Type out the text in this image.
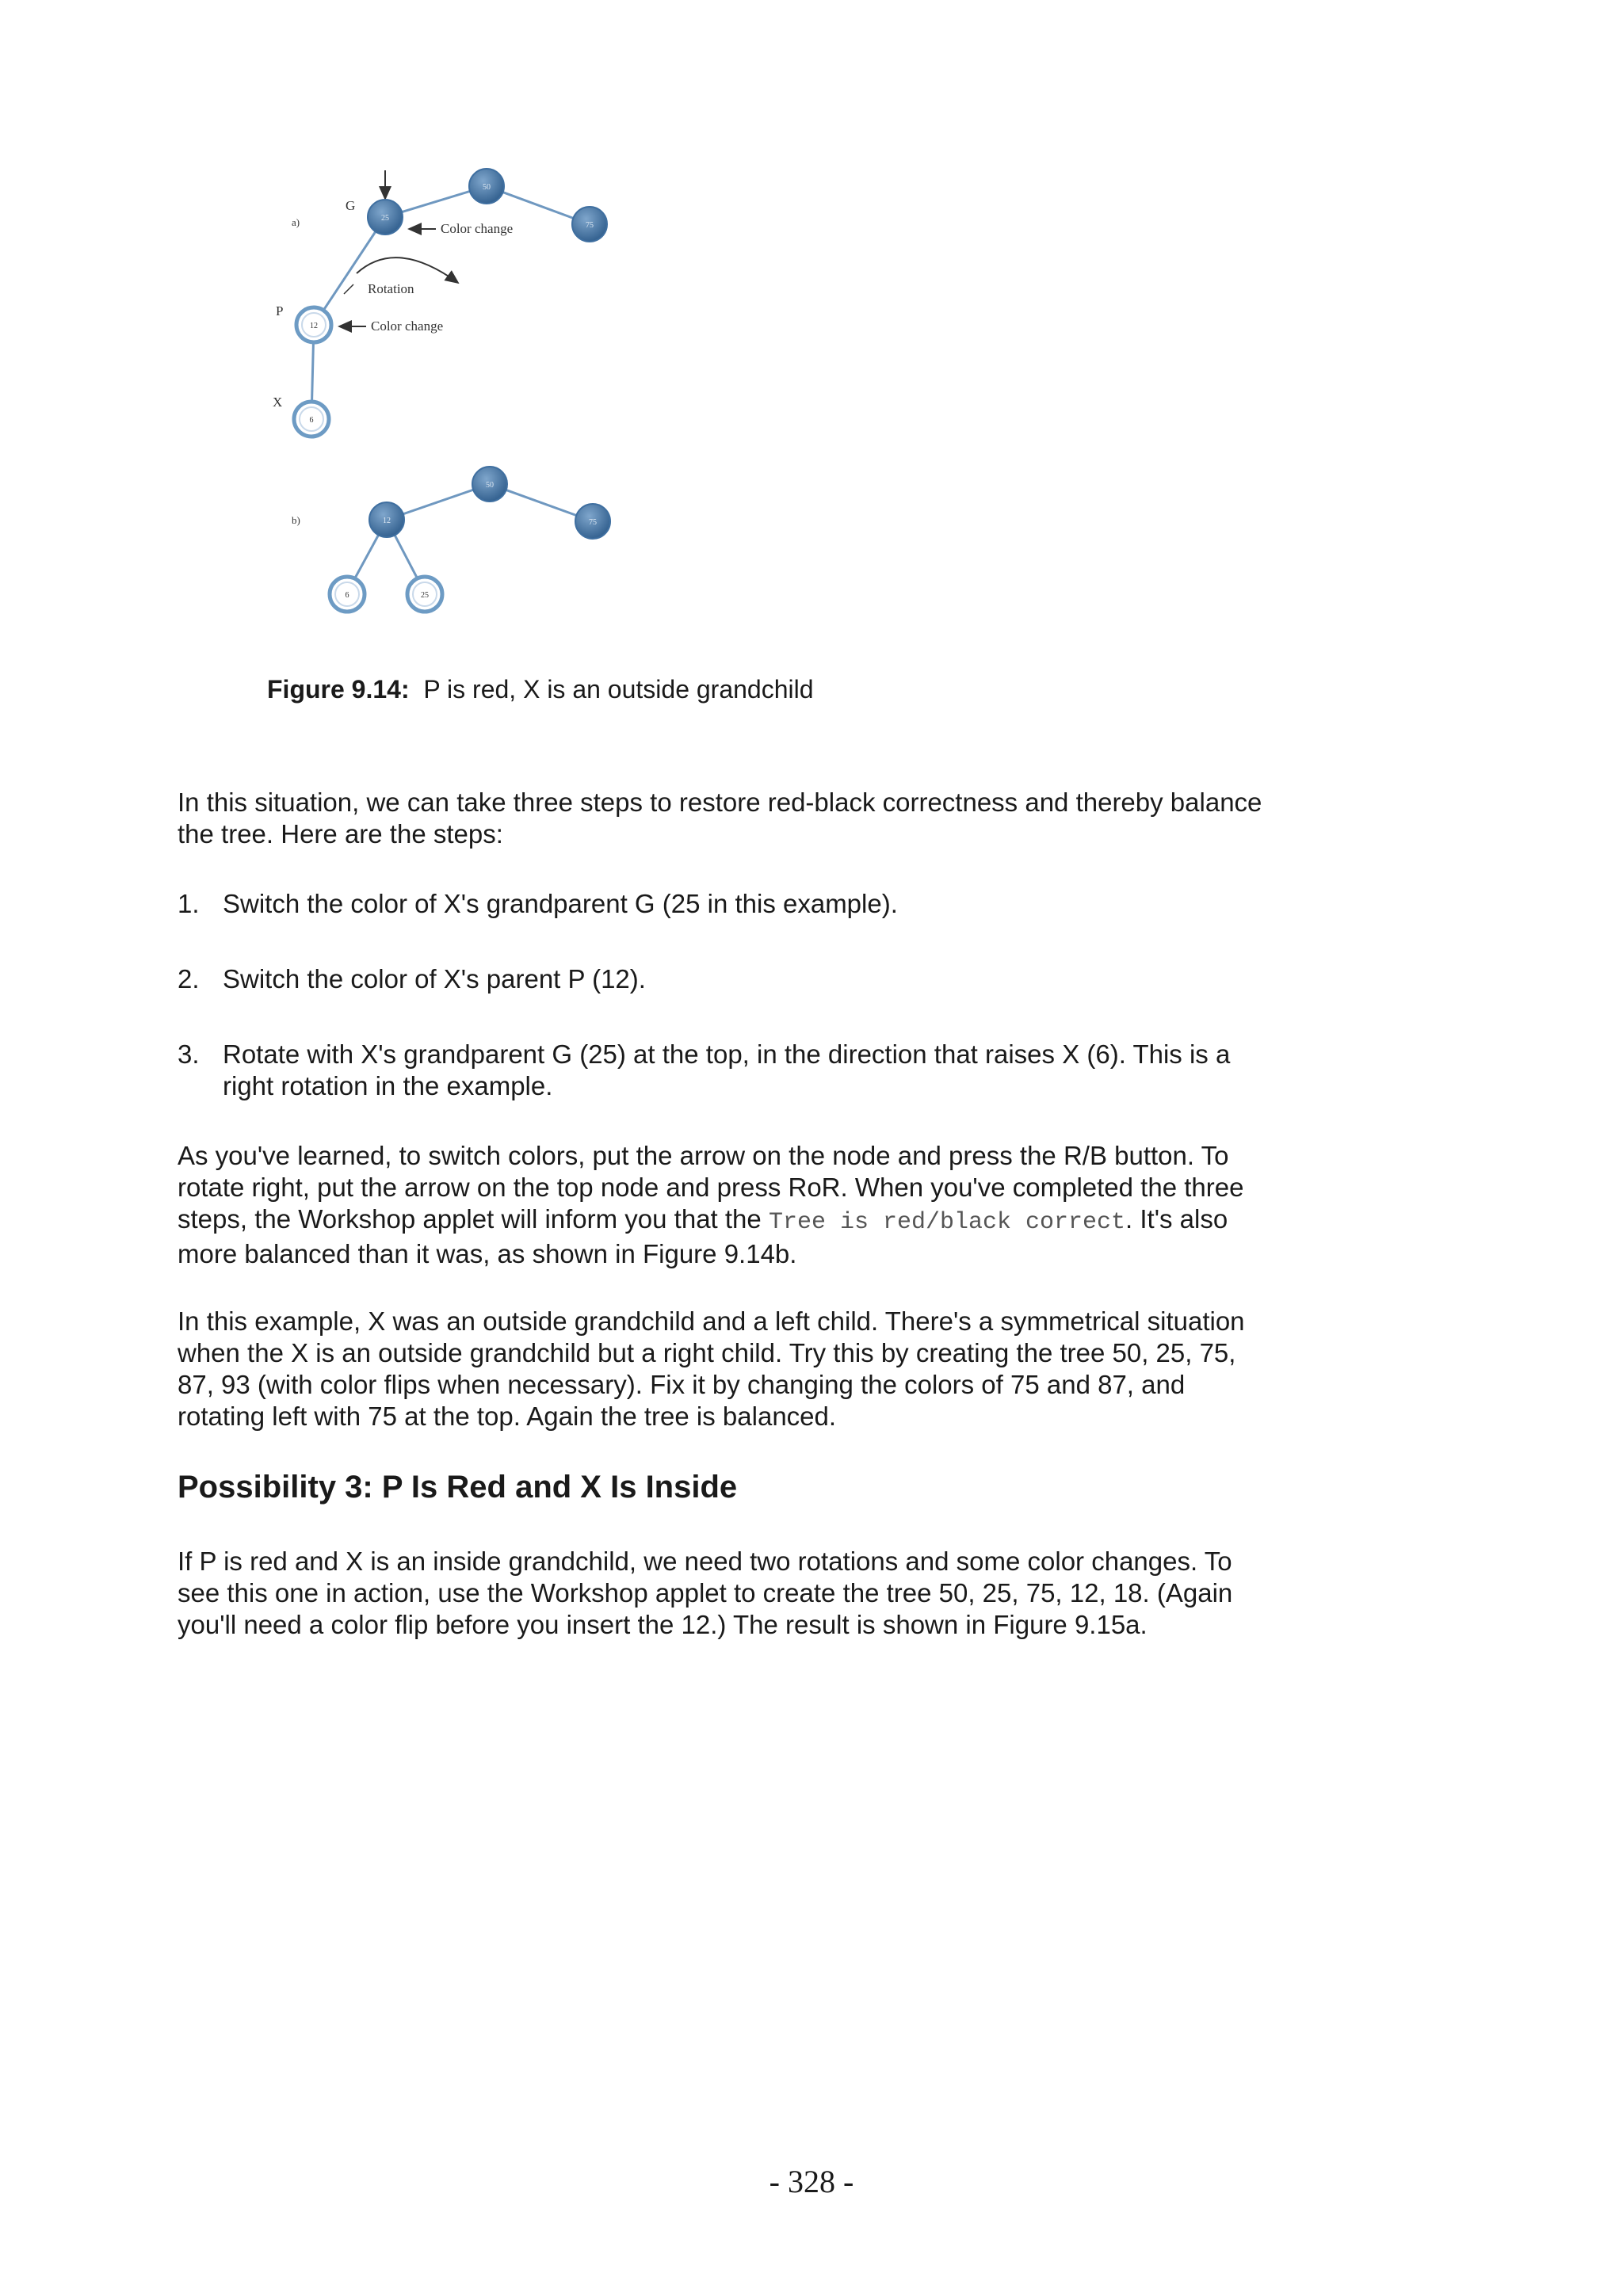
a)
G
P
X
50
25
75
12
6
Color change
Rotation
Color change
b)
50
12	75
6	25
Figure 9.14: P is red, X is an outside grandchild

In this situation, we can take three steps to restore red-black correctness and thereby balance the tree. Here are the steps:

1. Switch the color of X's grandparent G (25 in this example).
2. Switch the color of X's parent P (12).
3. Rotate with X's grandparent G (25) at the top, in the direction that raises X (6). This is a right rotation in the example.

As you've learned, to switch colors, put the arrow on the node and press the R/B button. To rotate right, put the arrow on the top node and press RoR. When you've completed the three steps, the Workshop applet will inform you that the Tree is red/black correct. It's also more balanced than it was, as shown in Figure 9.14b.

In this example, X was an outside grandchild and a left child. There's a symmetrical situation when the X is an outside grandchild but a right child. Try this by creating the tree 50, 25, 75, 87, 93 (with color flips when necessary). Fix it by changing the colors of 75 and 87, and rotating left with 75 at the top. Again the tree is balanced.

Possibility 3: P Is Red and X Is Inside

If P is red and X is an inside grandchild, we need two rotations and some color changes. To see this one in action, use the Workshop applet to create the tree 50, 25, 75, 12, 18. (Again you'll need a color flip before you insert the 12.) The result is shown in Figure 9.15a.

- 328 -
